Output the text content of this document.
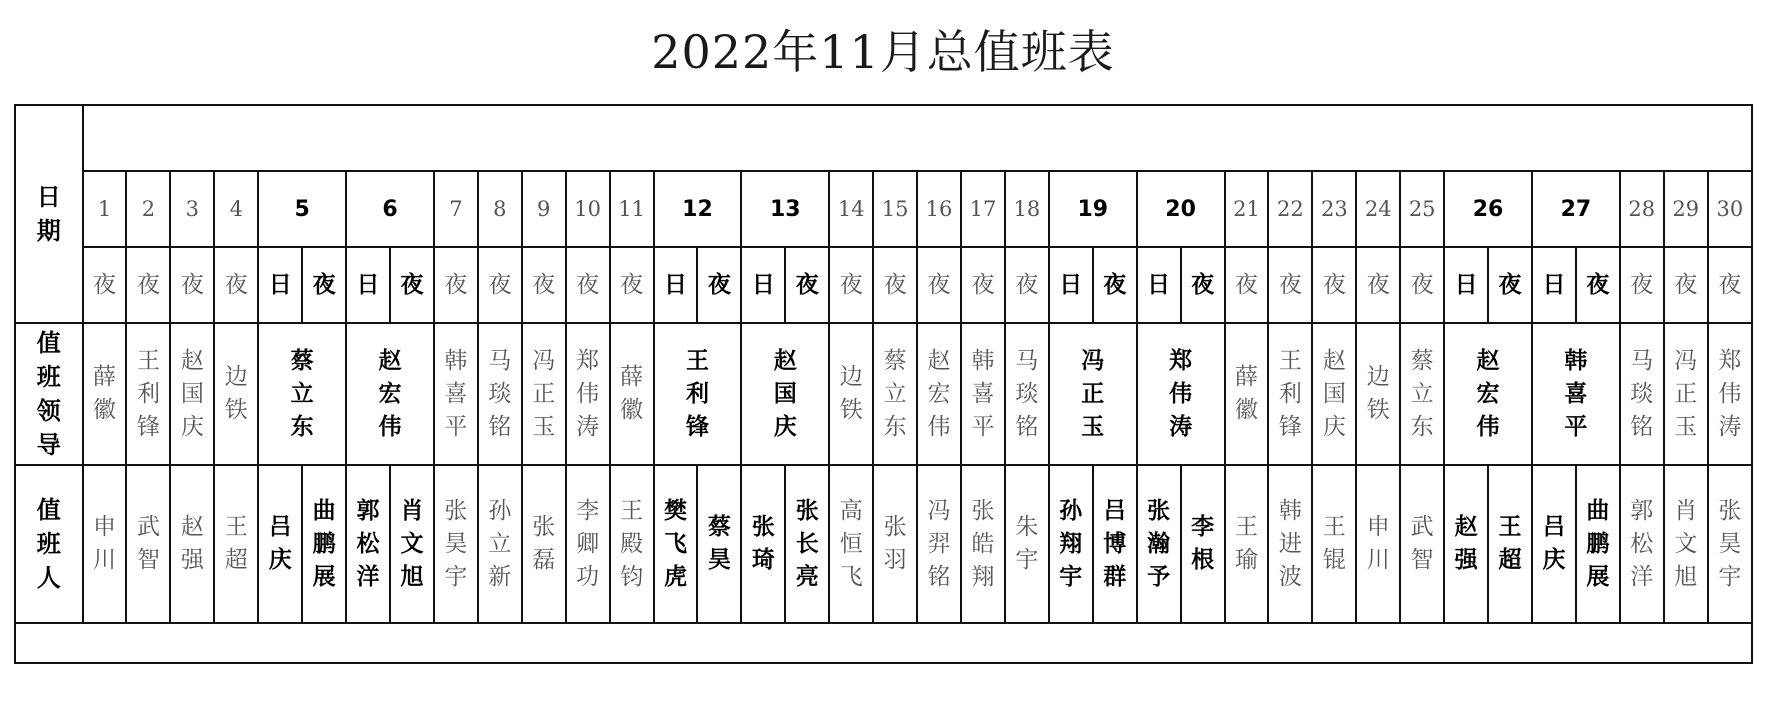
2022年11月总值班表
日期																																						
	1	2	3	4	5		6		7	8	9	10	11	12		13		14	15	16	17	18	19		20		21	22	23	24	25	26		27		28	29	30
	夜	夜	夜	夜	日	夜	日	夜	夜	夜	夜	夜	夜	日	夜	日	夜	夜	夜	夜	夜	夜	日	夜	日	夜	夜	夜	夜	夜	夜	日	夜	日	夜	夜	夜	夜
值班领导	薛徽	王利锋	赵国庆	边铁	蔡立东		赵宏伟		韩喜平	马琰铭	冯正玉	郑伟涛	薛徽	王利锋		赵国庆		边铁	蔡立东	赵宏伟	韩喜平	马琰铭	冯正玉		郑伟涛		薛徽	王利锋	赵国庆	边铁	蔡立东	赵宏伟		韩喜平		马琰铭	冯正玉	郑伟涛
值班人	申川	武智	赵强	王超	吕庆	曲鹏展	郭松洋	肖文旭	张昊宇	孙立新	张磊	李卿功	王殿钧	樊飞虎	蔡昊	张琦	张长亮	高恒飞	张羽	冯羿铭	张皓翔	朱宇	孙翔宇	吕博群	张瀚予	李根	王瑜	韩进波	王锟	申川	武智	赵强	王超	吕庆	曲鹏展	郭松洋	肖文旭	张昊宇
